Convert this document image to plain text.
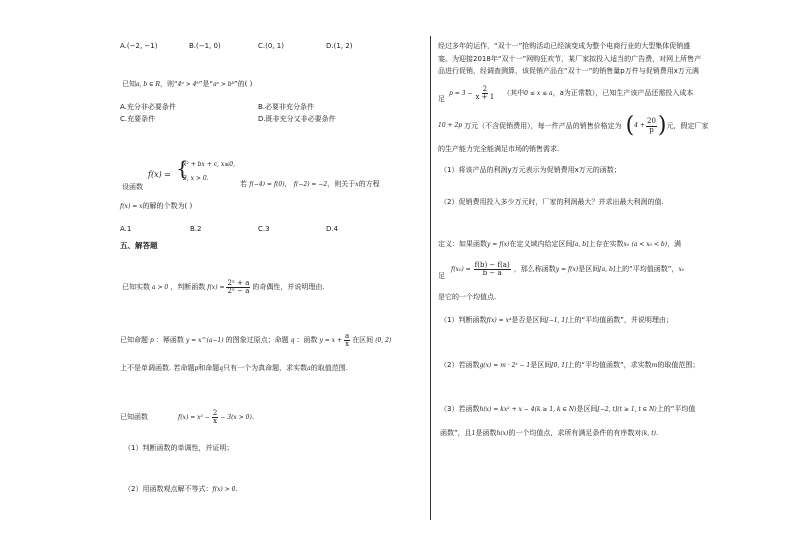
A.(−2, −1)	B.(−1, 0)	C.(0, 1)	D.(1, 2)
已知a, b ∈ R，则“4ᵃ > 4ᵇ”是“aᵃ > bᵇ”的( )
A.充分非必要条件	B.必要非充分条件
C.充要条件	D.既非充分又非必要条件
f(x) = {
x² + bx + c, x≤0,
2, x > 0.
设函数	若 f(−4) = f(0)， f(−2) = −2，则关于x的方程
f(x) = x的解的个数为( )
A.1	B.2	C.3	D.4
五、解答题
已知实数 a > 0 ，判断函数 $f(x) = \frac{\text{2ˣ + a}}{\text{2ˣ − a}}$ 的奇偶性，并说明理由.
已知命题 p ：幂函数 y = x^(a−1) 的图象过原点；命题 q ：函数 $y = x + \frac{a}{x}$ 在区间 (0, 2)
上不是单调函数. 若命题p和命题q只有一个为真命题，求实数a的取值范围.
已知函数	$f(x) = x^2 - \frac{2}{x} - 3(x > 0)$ .
（1）判断函数的单调性，并证明；
（2）用函数观点解不等式：f(x) > 0.
经过多年的运作，“双十一”抢购活动已经演变成为整个电商行业的大型集体促销盛
宴。为迎接2018年“双十一”网购狂欢节，某厂家拟投入适当的广告费，对网上所售产
品进行促销，经调查测算，该促销产品在“双十一”的销售量p万件与促销费用x万元满
足
$p = 3 - \frac{2}{x + 1}$ （其中 0 ≤ x ≤ a ，a为正常数），已知生产该产品还需投入成本
10 + 2p 万元（不含促销费用），每一件产品的销售价格定为 ( $4 + \frac{20}{p}$ ) 元，假定厂家
的生产能力完全能满足市场的销售需求.
（1）将该产品的利润y万元表示为促销费用x万元的函数；
（2）促销费用投入多少万元时，厂家的利润最大？并求出最大利润的值.
定义：如果函数y = f(x)在定义域内给定区间[a, b]上存在实数x₀ (a < x₀ < b)，满
足
$f(x_0) = \frac{f(b) - f(a)}{b - a}$ ，那么称函数 y = f(x) 是区间 [a, b] 上的“平均值函数”， x₀
是它的一个均值点.
（1）判断函数f(x) = x⁴是否是区间[−1, 1]上的“平均值函数”，并说明理由；
（2）若函数g(x) = m · 2ˣ − 1是区间[0, 1]上的“平均值函数”，求实数m的取值范围；
（3）若函数h(x) = kx² + x − 4(k ≥ 1, k ∈ N)是区间[−2, t](t ≥ 1, t ∈ N)上的“平均值
函数”，且1是函数h(x)的一个均值点，求所有满足条件的有序数对(k, t).
